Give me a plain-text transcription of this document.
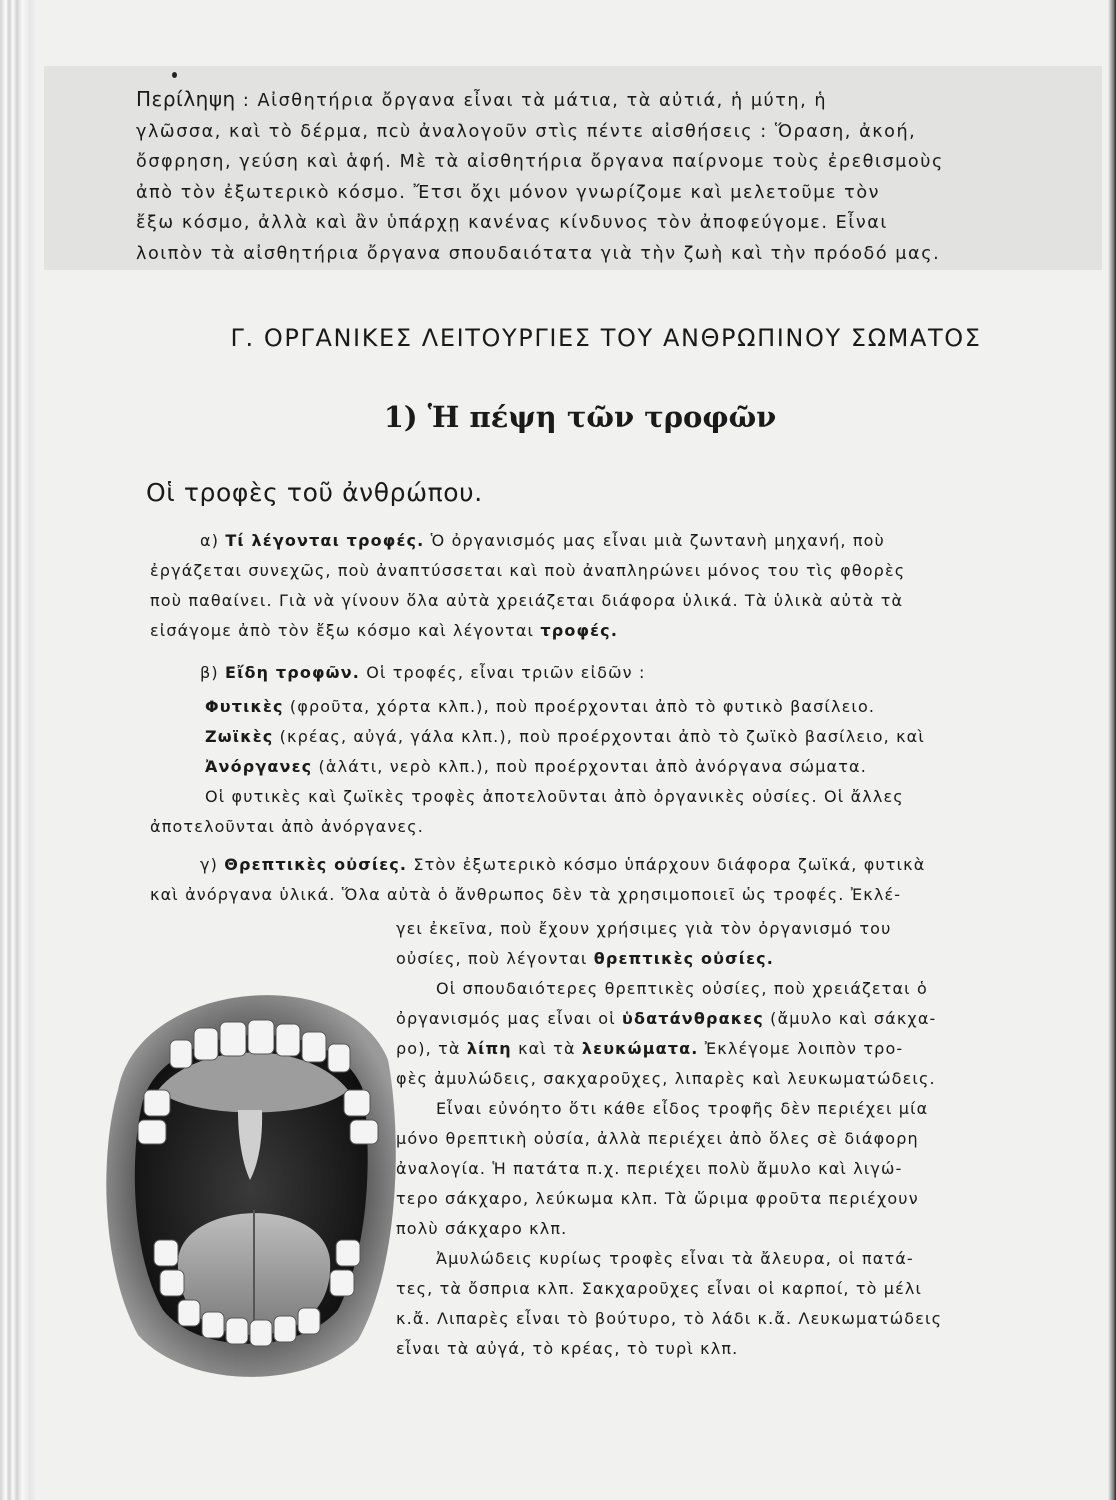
Περίληψη : Αἰσθητήρια ὄργανα εἶναι τὰ μάτια, τὰ αὐτιά, ἡ μύτη, ἡ
γλῶσσα, καὶ τὸ δέρμα, πcὺ ἀναλογοῦν στὶς πέντε αἰσθήσεις : Ὅραση, ἀκοή,
ὄσφρηση, γεύση καὶ ἁφή. Μὲ τὰ αἰσθητήρια ὄργανα παίρνομε τοὺς ἐρεθισμοὺς
ἀπὸ τὸν ἐξωτερικὸ κόσμο. Ἔτσι ὄχι μόνον γνωρίζομε καὶ μελετοῦμε τὸν
ἔξω κόσμο, ἀλλὰ καὶ ἂν ὑπάρχῃ κανένας κίνδυνος τὸν ἀποφεύγομε. Εἶναι
λοιπὸν τὰ αἰσθητήρια ὄργανα σπουδαιότατα γιὰ τὴν ζωὴ καὶ τὴν πρόοδό μας.
Γ. ΟΡΓΑΝΙΚΕΣ ΛΕΙΤΟΥΡΓΙΕΣ ΤΟΥ ΑΝΘΡΩΠΙΝΟΥ ΣΩΜΑΤΟΣ
1) Ἡ πέψη τῶν τροφῶν
Οἱ τροφὲς τοῦ ἀνθρώπου.
α) Τί λέγονται τροφές. Ὁ ὀργανισμός μας εἶναι μιὰ ζωντανὴ μηχανή, ποὺ
ἐργάζεται συνεχῶς, ποὺ ἀναπτύσσεται καὶ ποὺ ἀναπληρώνει μόνος του τὶς φθορὲς
ποὺ παθαίνει. Γιὰ νὰ γίνουν ὅλα αὐτὰ χρειάζεται διάφορα ὑλικά. Τὰ ὑλικὰ αὐτὰ τὰ
εἰσάγομε ἀπὸ τὸν ἔξω κόσμο καὶ λέγονται τροφές.
β) Εἴδη τροφῶν. Οἱ τροφές, εἶναι τριῶν εἰδῶν :
Φυτικὲς (φροῦτα, χόρτα κλπ.), ποὺ προέρχονται ἀπὸ τὸ φυτικὸ βασίλειο.
Ζωϊκὲς (κρέας, αὐγά, γάλα κλπ.), ποὺ προέρχονται ἀπὸ τὸ ζωϊκὸ βασίλειο, καὶ
Ἀνόργανες (ἁλάτι, νερὸ κλπ.), ποὺ προέρχονται ἀπὸ ἀνόργανα σώματα.
Οἱ φυτικὲς καὶ ζωϊκὲς τροφὲς ἀποτελοῦνται ἀπὸ ὀργανικὲς οὐσίες. Οἱ ἄλλες
ἀποτελοῦνται ἀπὸ ἀνόργανες.
γ) Θρεπτικὲς οὐσίες. Στὸν ἐξωτερικὸ κόσμο ὑπάρχουν διάφορα ζωϊκά, φυτικὰ
καὶ ἀνόργανα ὑλικά. Ὅλα αὐτὰ ὁ ἄνθρωπος δὲν τὰ χρησιμοποιεῖ ὡς τροφές. Ἐκλέ-
γει ἐκεῖνα, ποὺ ἔχουν χρήσιμες γιὰ τὸν ὀργανισμό του
οὐσίες, ποὺ λέγονται θρεπτικὲς οὐσίες.
Οἱ σπουδαιότερες θρεπτικὲς οὐσίες, ποὺ χρειάζεται ὁ
ὀργανισμός μας εἶναι οἱ ὑδατάνθρακες (ἄμυλο καὶ σάκχα-
ρο), τὰ λίπη καὶ τὰ λευκώματα. Ἐκλέγομε λοιπὸν τρο-
φὲς ἀμυλώδεις, σακχαροῦχες, λιπαρὲς καὶ λευκωματώδεις.
Εἶναι εὐνόητο ὅτι κάθε εἶδος τροφῆς δὲν περιέχει μία
μόνο θρεπτικὴ οὐσία, ἀλλὰ περιέχει ἀπὸ ὅλες σὲ διάφορη
ἀναλογία. Ἡ πατάτα π.χ. περιέχει πολὺ ἄμυλο καὶ λιγώ-
τερο σάκχαρο, λεύκωμα κλπ. Τὰ ὥριμα φροῦτα περιέχουν
πολὺ σάκχαρο κλπ.
Ἀμυλώδεις κυρίως τροφὲς εἶναι τὰ ἄλευρα, οἱ πατά-
τες, τὰ ὄσπρια κλπ. Σακχαροῦχες εἶναι οἱ καρποί, τὸ μέλι
κ.ἄ. Λιπαρὲς εἶναι τὸ βούτυρο, τὸ λάδι κ.ἄ. Λευκωματώδεις
εἶναι τὰ αὐγά, τὸ κρέας, τὸ τυρὶ κλπ.
